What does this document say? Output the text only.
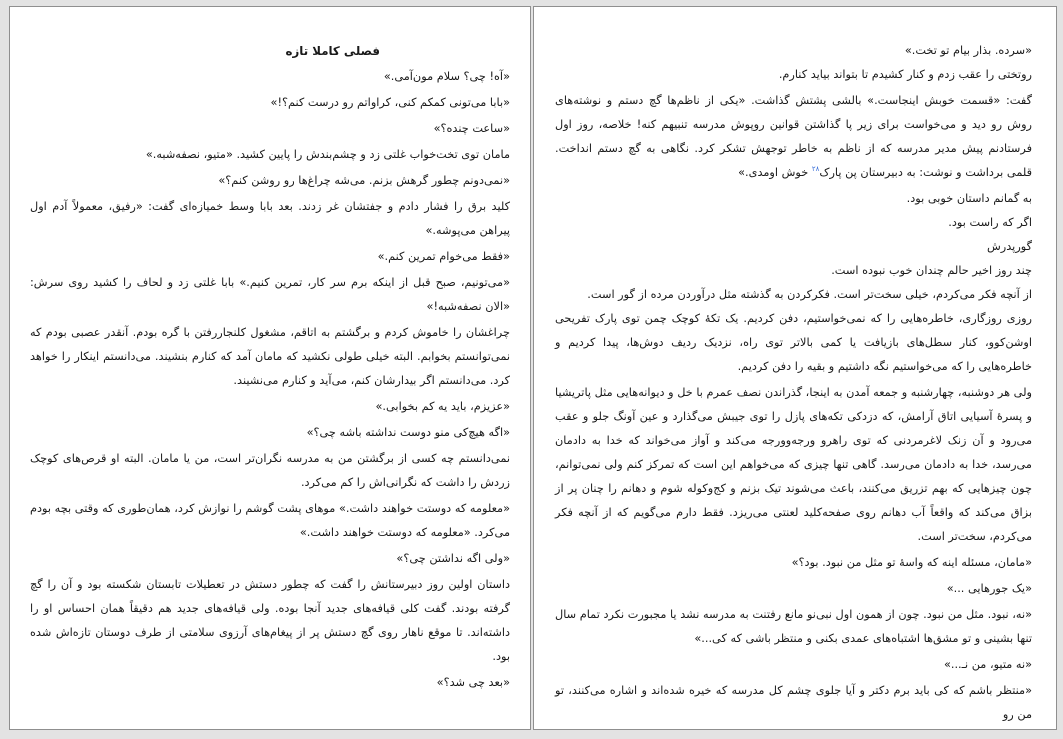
فصلی کاملا تازه

«آه! چی؟ سلام مون‌آمی.»

«بابا می‌تونی کمکم کنی، کراواتم رو درست کنم؟!»

«ساعت چنده؟»

مامان توی تخت‌خواب غلتی زد و چشم‌بندش را پایین کشید. «متیو، نصفه‌شبه.»

«نمی‌دونم چطور گرهش بزنم. می‌شه چراغ‌ها رو روشن کنم؟»

کلید برق را فشار دادم و جفتشان غر زدند. بعد بابا وسط خمیازه‌ای گفت: «رفیق، معمولاً آدم اول پیراهن می‌پوشه.»

«فقط می‌خوام تمرین کنم.»

«می‌تونیم، صبح قبل از اینکه برم سر کار، تمرین کنیم.» بابا غلتی زد و لحاف را کشید روی سرش: «الان نصفه‌شبه!»

چراغشان را خاموش کردم و برگشتم به اتاقم، مشغول کلنجاررفتن با گره بودم. آنقدر عصبی بودم که نمی‌توانستم بخوابم. البته خیلی طولی نکشید که مامان آمد که کنارم بنشیند. می‌دانستم اینکار را خواهد کرد. می‌دانستم اگر بیدارشان کنم، می‌آید و کنارم می‌نشیند.

«عزیزم، باید یه کم بخوابی.»

«اگه هیچ‌کی منو دوست نداشته باشه چی؟»

نمی‌دانستم چه کسی از برگشتن من به مدرسه نگران‌تر است، من یا مامان. البته او قرص‌های کوچک زردش را داشت که نگرانی‌اش را کم می‌کرد.

«معلومه که دوستت خواهند داشت.» موهای پشت گوشم را نوازش کرد، همان‌طوری که وقتی بچه بودم می‌کرد. «معلومه که دوستت خواهند داشت.»

«ولی اگه نداشتن چی؟»

داستان اولین روز دبیرستانش را گفت که چطور دستش در تعطیلات تابستان شکسته بود و آن را گچ گرفته بودند. گفت کلی قیافه‌های جدید آنجا بوده. ولی قیافه‌های جدید هم دقیقاً همان احساس او را داشته‌اند. تا موقع ناهار روی گچ دستش پر از پیغام‌های آرزوی سلامتی از طرف دوستان تازه‌اش شده بود.

«بعد چی شد؟»

«سرده. بذار بیام تو تخت.»

روتختی را عقب زدم و کنار کشیدم تا بتواند بیاید کنارم.

گفت: «قسمت خوبش اینجاست.» بالشی پشتش گذاشت. «یکی از ناظم‌ها گچ دستم و نوشته‌های روش رو دید و می‌خواست برای زیر پا گذاشتن قوانین روپوش مدرسه تنبیهم کنه! خلاصه، روز اول فرستادنم پیش مدیر مدرسه که از ناظم به خاطر توجهش تشکر کرد. نگاهی به گچ دستم انداخت. قلمی برداشت و نوشت: به دبیرستان پن پارک$^{۲۸}$ خوش اومدی.»

به گمانم داستان خوبی بود.

اگر که راست بود.

گورپدرش

چند روز اخیر حالم چندان خوب نبوده است.

از آنچه فکر می‌کردم، خیلی سخت‌تر است. فکرکردن به گذشته مثل درآوردن مرده از گور است.

روزی روزگاری، خاطره‌هایی را که نمی‌خواستیم، دفن کردیم. یک تکهٔ کوچک چمن توی پارک تفریحی اوشن‌کوو، کنار سطل‌های بازیافت یا کمی بالاتر توی راه، نزدیک ردیف دوش‌ها، پیدا کردیم و خاطره‌هایی را که می‌خواستیم نگه داشتیم و بقیه را دفن کردیم.

ولی هر دوشنبه، چهارشنبه و جمعه آمدن به اینجا، گذراندن نصف عمرم با خل و دیوانه‌هایی مثل پاتریشیا و پسرهٔ آسیایی اتاق آرامش، که دزدکی تکه‌های پازل را توی جیبش می‌گذارد و عین آونگ جلو و عقب می‌رود و آن زنک لاغرمردنی که توی راهرو ورجه‌وورجه می‌کند و آواز می‌خواند که خدا به دادمان می‌رسد، خدا به دادمان می‌رسد. گاهی تنها چیزی که می‌خواهم این است که تمرکز کنم ولی نمی‌توانم، چون چیزهایی که بهم تزریق می‌کنند، باعث می‌شوند تیک بزنم و کج‌وکوله شوم و دهانم را چنان پر از بزاق می‌کند که واقعاً آب دهانم روی صفحه‌کلید لعنتی می‌ریزد. فقط دارم می‌گویم که از آنچه فکر می‌کردم، سخت‌تر است.

«مامان، مسئله اینه که واسهٔ تو مثل من نبود. بود؟»

«یک جورهایی ...»

«نه، نبود. مثل من نبود. چون از همون اول نبی‌نو مانع رفتنت به مدرسه نشد یا مجبورت نکرد تمام سال تنها بشینی و تو مشق‌ها اشتباه‌های عمدی بکنی و منتظر باشی که کی...»

«نه متیو، من نـ...»

«منتظر باشم که کی باید برم دکتر و آیا جلوی چشم کل مدرسه که خیره شده‌اند و اشاره می‌کنند، تو من رو
